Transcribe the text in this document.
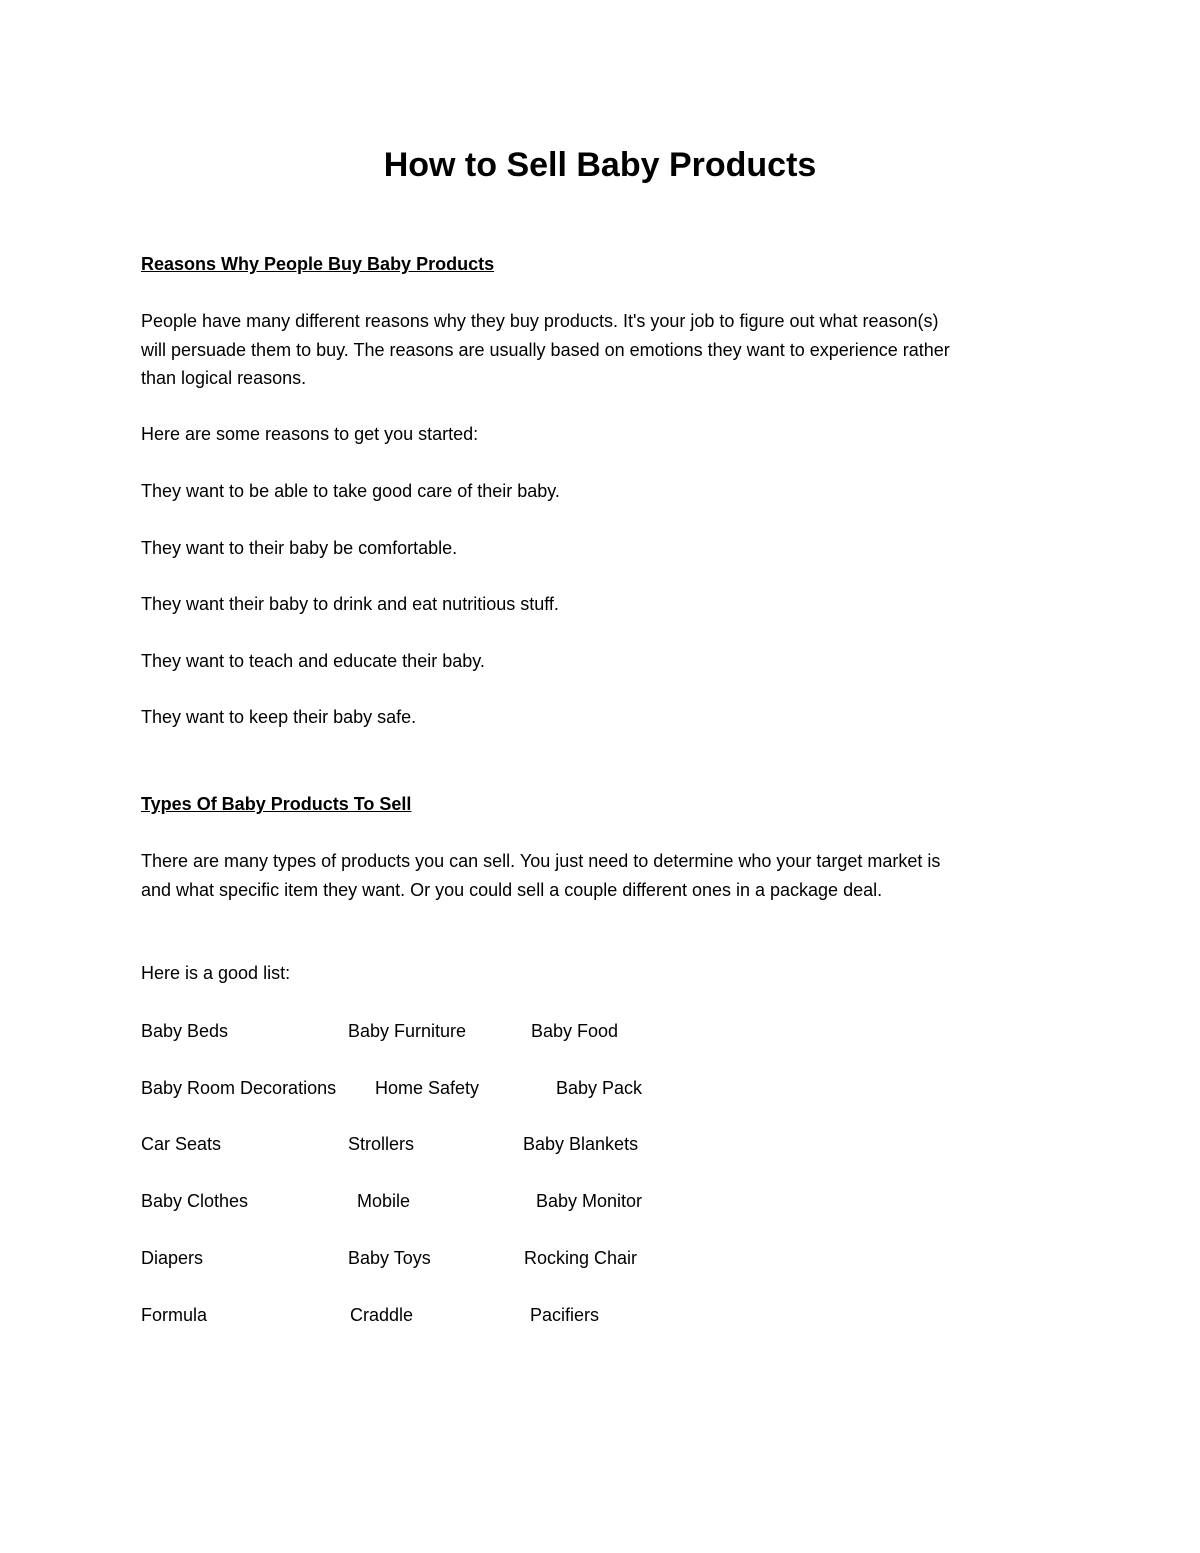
How to Sell Baby Products
Reasons Why People Buy Baby Products
People have many different reasons why they buy products. It's your job to figure out what reason(s) will persuade them to buy. The reasons are usually based on emotions they want to experience rather than logical reasons.
Here are some reasons to get you started:
They want to be able to take good care of their baby.
They want to their baby be comfortable.
They want their baby to drink and eat nutritious stuff.
They want to teach and educate their baby.
They want to keep their baby safe.
Types Of Baby Products To Sell
There are many types of products you can sell. You just need to determine who your target market is and what specific item they want. Or you could sell a couple different ones in a package deal.
Here is a good list:
Baby Beds	Baby Furniture	Baby Food
Baby Room Decorations Home Safety	Baby Pack
Car Seats	Strollers	Baby Blankets
Baby Clothes	Mobile	Baby Monitor
Diapers	Baby Toys	Rocking Chair
Formula	Craddle	Pacifiers
